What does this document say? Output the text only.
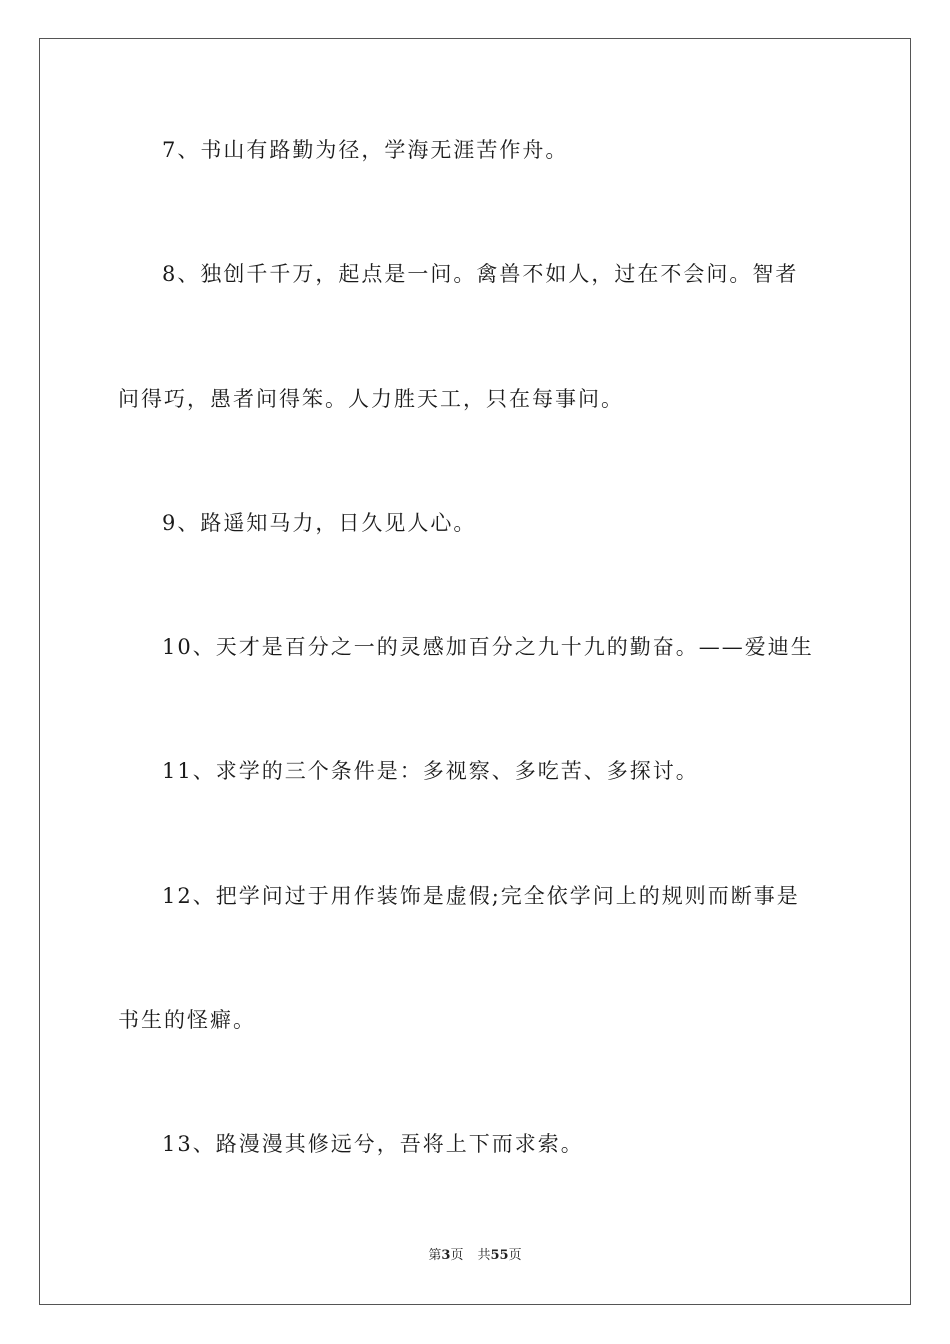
7、书山有路勤为径，学海无涯苦作舟。
8、独创千千万，起点是一问。禽兽不如人，过在不会问。智者
问得巧，愚者问得笨。人力胜天工，只在每事问。
9、路遥知马力，日久见人心。
10、天才是百分之一的灵感加百分之九十九的勤奋。——爱迪生
11、求学的三个条件是：多视察、多吃苦、多探讨。
12、把学问过于用作装饰是虚假;完全依学问上的规则而断事是
书生的怪癖。
13、路漫漫其修远兮，吾将上下而求索。
第3页 共55页
